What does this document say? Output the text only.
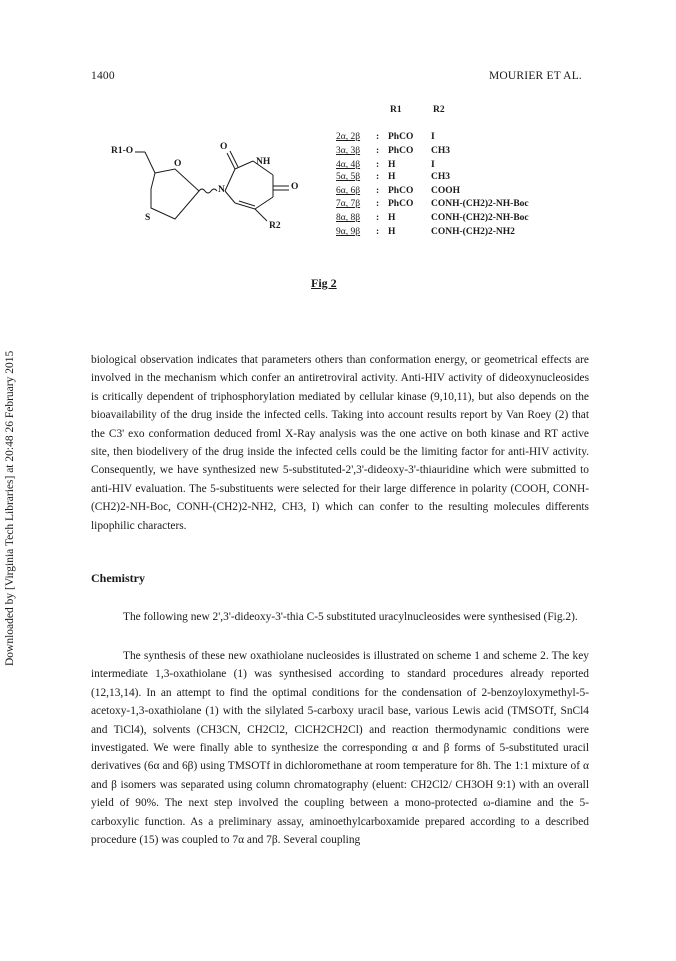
1400	MOURIER ET AL.
Downloaded by [Virginia Tech Libraries] at 20:48 26 February 2015
R1-O
O
S
O
NH
N	O
R2
R1	R2
2α, 2β : PhCO I
3α, 3β : PhCO CH3
4α, 4β : H	I
5α, 5β : H	CH3
6α, 6β : PhCO COOH
7α, 7β : PhCO CONH-(CH2)2-NH-Boc
8α, 8β : H	CONH-(CH2)2-NH-Boc
9α, 9β : H	CONH-(CH2)2-NH2
Fig 2
biological observation indicates that parameters others than conformation energy, or geometrical effects are involved in the mechanism which confer an antiretroviral activity. Anti-HIV activity of dideoxynucleosides is critically dependent of triphosphorylation mediated by cellular kinase (9,10,11), but also depends on the bioavailability of the drug inside the infected cells. Taking into account results report by Van Roey (2) that the C3' exo conformation deduced froml X-Ray analysis was the one active on both kinase and RT active site, then biodelivery of the drug inside the infected cells could be the limiting factor for anti-HIV activity. Consequently, we have synthesized new 5-substituted-2',3'-dideoxy-3'-thiauridine which were submitted to anti-HIV evaluation. The 5-substituents were selected for their large difference in polarity (COOH, CONH-(CH2)2-NH-Boc, CONH-(CH2)2-NH2, CH3, I) which can confer to the resulting molecules differents lipophilic characters.
Chemistry
The following new 2',3'-dideoxy-3'-thia C-5 substituted uracylnucleosides were synthesised (Fig.2).
The synthesis of these new oxathiolane nucleosides is illustrated on scheme 1 and scheme 2. The key intermediate 1,3-oxathiolane (1) was synthesised according to standard procedures already reported (12,13,14). In an attempt to find the optimal conditions for the condensation of 2-benzoyloxymethyl-5-acetoxy-1,3-oxathiolane (1) with the silylated 5-carboxy uracil base, various Lewis acid (TMSOTf, SnCl4 and TiCl4), solvents (CH3CN, CH2Cl2, ClCH2CH2Cl) and reaction thermodynamic conditions were investigated. We were finally able to synthesize the corresponding α and β forms of 5-substituted uracil derivatives (6α and 6β) using TMSOTf in dichloromethane at room temperature for 8h. The 1:1 mixture of α and β isomers was separated using column chromatography (eluent: CH2Cl2/ CH3OH 9:1) with an overall yield of 90%. The next step involved the coupling between a mono-protected ω-diamine and the 5-carboxylic function. As a preliminary assay, aminoethylcarboxamide prepared according to a described procedure (15) was coupled to 7α and 7β. Several coupling
